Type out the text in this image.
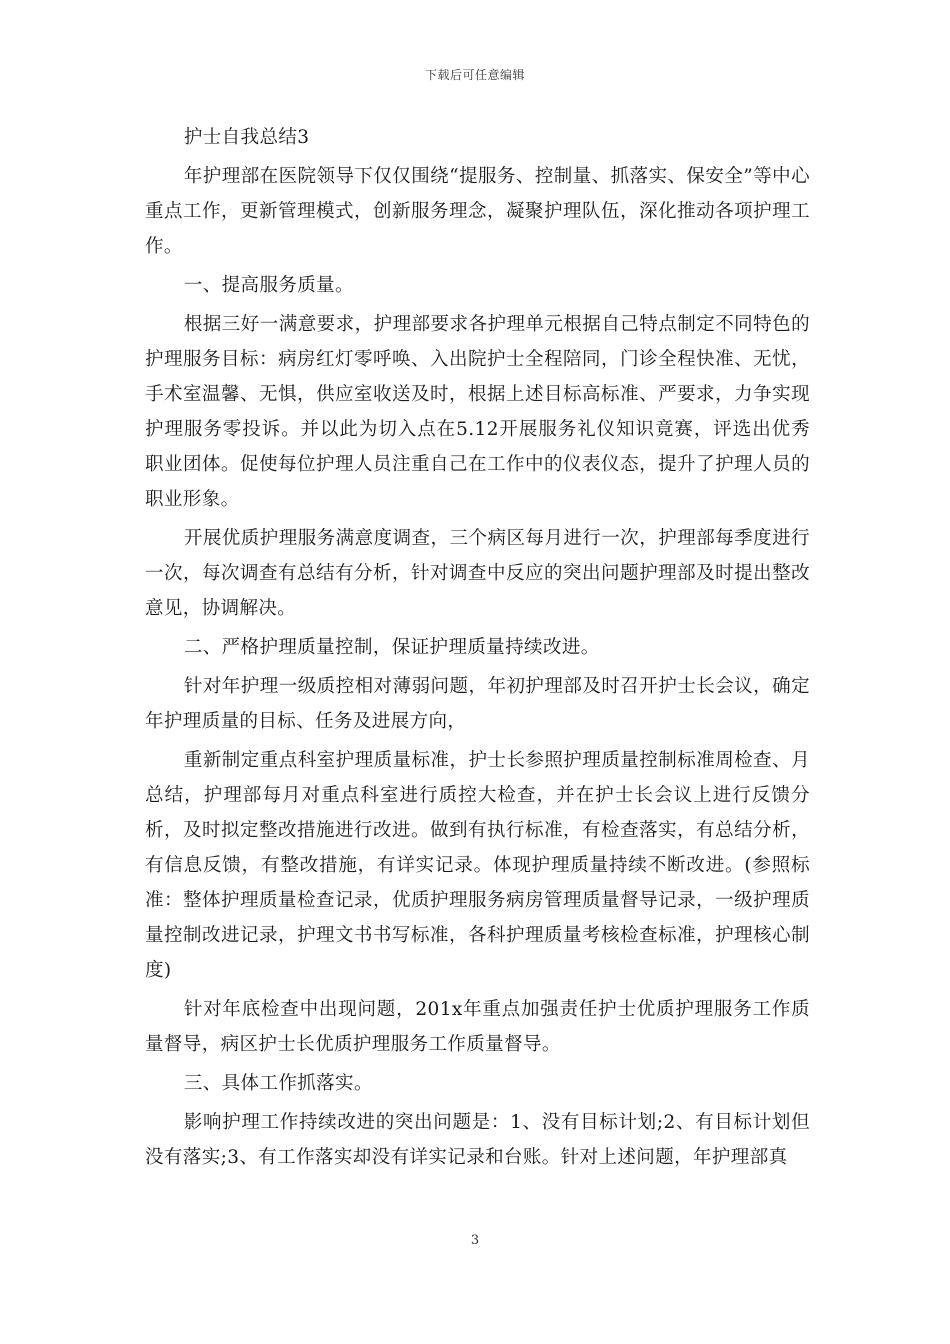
下载后可任意编辑

护士自我总结3

年护理部在医院领导下仅仅围绕“提服务、控制量、抓落实、保安全”等中心重点工作，更新管理模式，创新服务理念，凝聚护理队伍，深化推动各项护理工作。

一、提高服务质量。

根据三好一满意要求，护理部要求各护理单元根据自己特点制定不同特色的护理服务目标：病房红灯零呼唤、入出院护士全程陪同，门诊全程快准、无忧，手术室温馨、无惧，供应室收送及时，根据上述目标高标准、严要求，力争实现护理服务零投诉。并以此为切入点在5.12开展服务礼仪知识竟赛，评选出优秀职业团体。促使每位护理人员注重自己在工作中的仪表仪态，提升了护理人员的职业形象。

开展优质护理服务满意度调查，三个病区每月进行一次，护理部每季度进行一次，每次调查有总结有分析，针对调查中反应的突出问题护理部及时提出整改意见，协调解决。

二、严格护理质量控制，保证护理质量持续改进。

针对年护理一级质控相对薄弱问题，年初护理部及时召开护士长会议，确定年护理质量的目标、任务及进展方向，

重新制定重点科室护理质量标准，护士长参照护理质量控制标准周检查、月总结，护理部每月对重点科室进行质控大检查，并在护士长会议上进行反馈分析，及时拟定整改措施进行改进。做到有执行标准，有检查落实，有总结分析，有信息反馈，有整改措施，有详实记录。体现护理质量持续不断改进。(参照标准：整体护理质量检查记录，优质护理服务病房管理质量督导记录，一级护理质量控制改进记录，护理文书书写标准，各科护理质量考核检查标准，护理核心制度)

针对年底检查中出现问题，201x年重点加强责任护士优质护理服务工作质量督导，病区护士长优质护理服务工作质量督导。

三、具体工作抓落实。

影响护理工作持续改进的突出问题是：1、没有目标计划;2、有目标计划但没有落实;3、有工作落实却没有详实记录和台账。针对上述问题，年护理部真

3
